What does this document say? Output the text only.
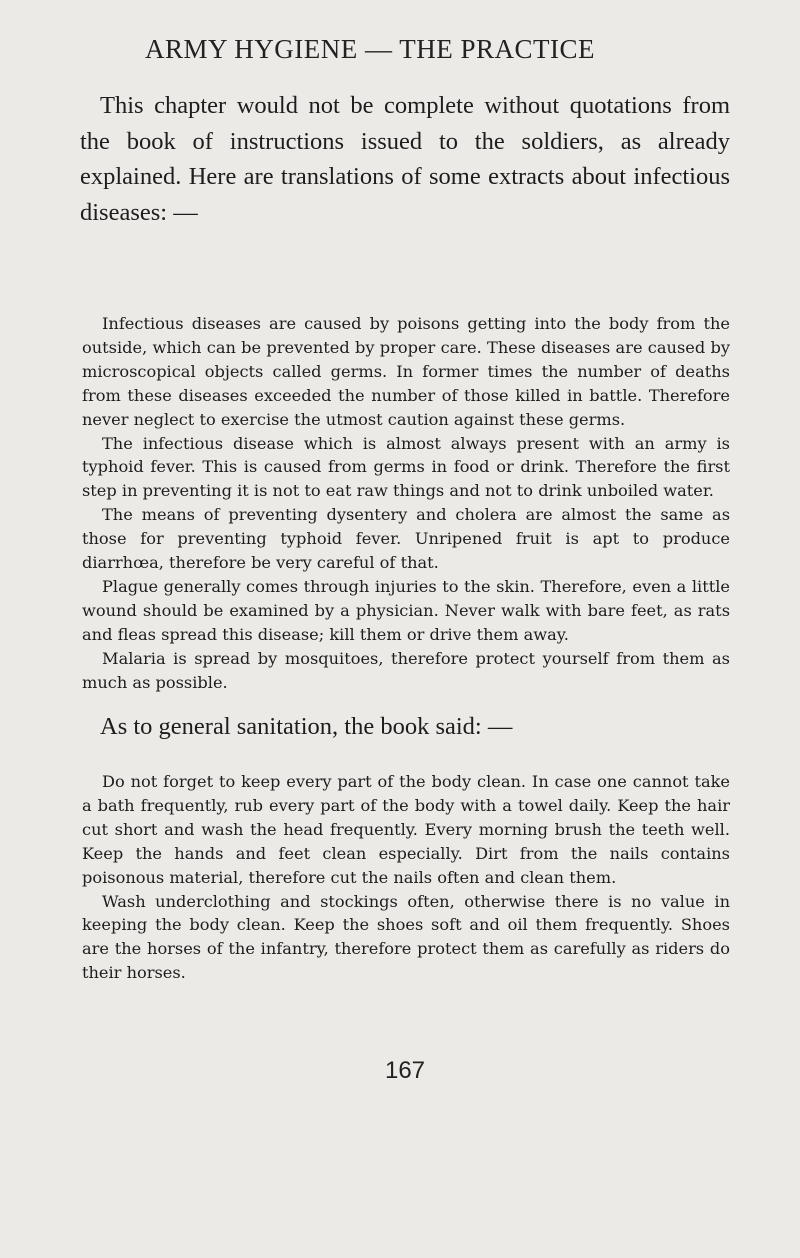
ARMY HYGIENE — THE PRACTICE

This chapter would not be complete without quotations from the book of instructions issued to the soldiers, as already explained. Here are translations of some extracts about infectious diseases: —

Infectious diseases are caused by poisons getting into the body from the outside, which can be prevented by proper care. These diseases are caused by microscopical objects called germs. In former times the number of deaths from these diseases exceeded the number of those killed in battle. Therefore never neglect to exercise the utmost caution against these germs.

The infectious disease which is almost always present with an army is typhoid fever. This is caused from germs in food or drink. Therefore the first step in preventing it is not to eat raw things and not to drink unboiled water.

The means of preventing dysentery and cholera are almost the same as those for preventing typhoid fever. Unripened fruit is apt to produce diarrhœa, therefore be very careful of that.

Plague generally comes through injuries to the skin. Therefore, even a little wound should be examined by a physician. Never walk with bare feet, as rats and fleas spread this disease; kill them or drive them away.

Malaria is spread by mosquitoes, therefore protect yourself from them as much as possible.

As to general sanitation, the book said: —

Do not forget to keep every part of the body clean. In case one cannot take a bath frequently, rub every part of the body with a towel daily. Keep the hair cut short and wash the head frequently. Every morning brush the teeth well. Keep the hands and feet clean especially. Dirt from the nails contains poisonous material, therefore cut the nails often and clean them.

Wash underclothing and stockings often, otherwise there is no value in keeping the body clean. Keep the shoes soft and oil them frequently. Shoes are the horses of the infantry, therefore protect them as carefully as riders do their horses.

167
